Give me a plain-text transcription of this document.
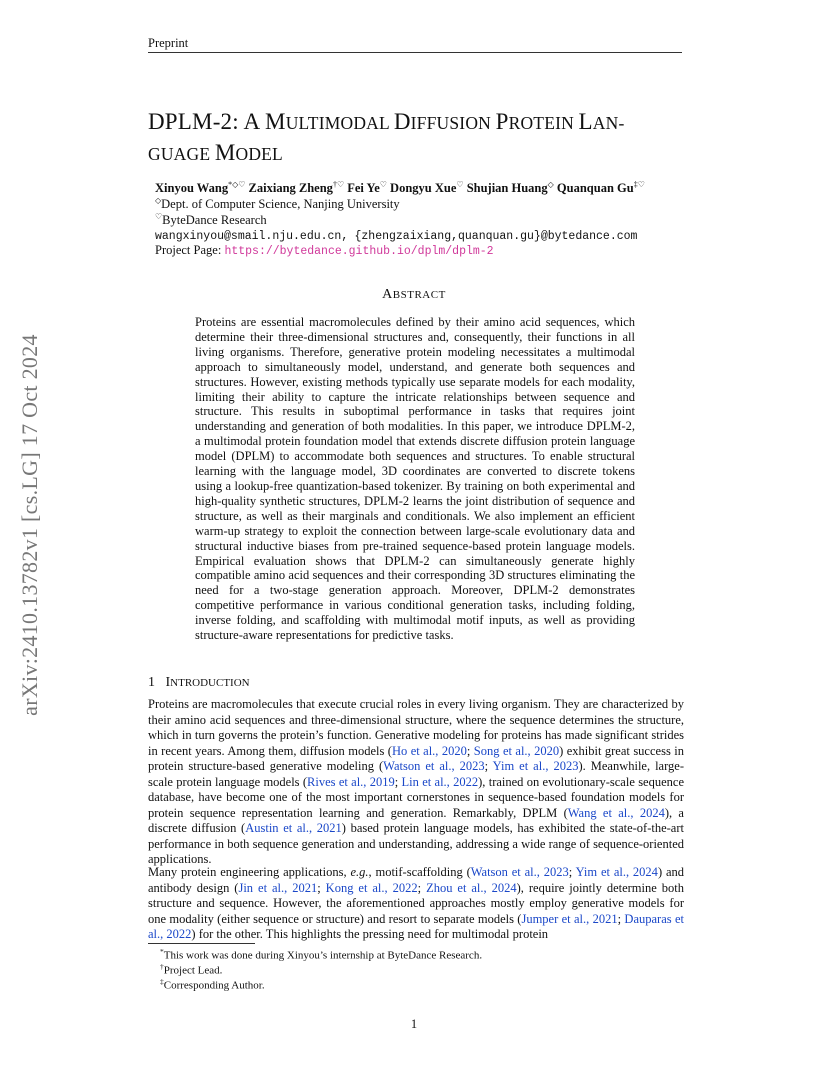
Preprint
arXiv:2410.13782v1 [cs.LG] 17 Oct 2024
DPLM-2: A MULTIMODAL DIFFUSION PROTEIN LAN-
GUAGE MODEL
Xinyou Wang*◇♡ Zaixiang Zheng†♡ Fei Ye♡ Dongyu Xue♡ Shujian Huang◇ Quanquan Gu‡♡
◇Dept. of Computer Science, Nanjing University
♡ByteDance Research
wangxinyou@smail.nju.edu.cn, {zhengzaixiang,quanquan.gu}@bytedance.com
Project Page: https://bytedance.github.io/dplm/dplm-2
ABSTRACT
Proteins are essential macromolecules defined by their amino acid sequences, which determine their three-dimensional structures and, consequently, their functions in all living organisms. Therefore, generative protein modeling necessitates a multimodal approach to simultaneously model, understand, and generate both sequences and structures. However, existing methods typically use separate models for each modality, limiting their ability to capture the intricate relationships between sequence and structure. This results in suboptimal performance in tasks that requires joint understanding and generation of both modalities. In this paper, we introduce DPLM-2, a multimodal protein foundation model that extends discrete diffusion protein language model (DPLM) to accommodate both sequences and structures. To enable structural learning with the language model, 3D coordinates are converted to discrete tokens using a lookup-free quantization-based tokenizer. By training on both experimental and high-quality synthetic structures, DPLM-2 learns the joint distribution of sequence and structure, as well as their marginals and conditionals. We also implement an efficient warm-up strategy to exploit the connection between large-scale evolutionary data and structural inductive biases from pre-trained sequence-based protein language models. Empirical evaluation shows that DPLM-2 can simultaneously generate highly compatible amino acid sequences and their corresponding 3D structures eliminating the need for a two-stage generation approach. Moreover, DPLM-2 demonstrates competitive performance in various conditional generation tasks, including folding, inverse folding, and scaffolding with multimodal motif inputs, as well as providing structure-aware representations for predictive tasks.
1 INTRODUCTION
Proteins are macromolecules that execute crucial roles in every living organism. They are characterized by their amino acid sequences and three-dimensional structure, where the sequence determines the structure, which in turn governs the protein’s function. Generative modeling for proteins has made significant strides in recent years. Among them, diffusion models (Ho et al., 2020; Song et al., 2020) exhibit great success in protein structure-based generative modeling (Watson et al., 2023; Yim et al., 2023). Meanwhile, large-scale protein language models (Rives et al., 2019; Lin et al., 2022), trained on evolutionary-scale sequence database, have become one of the most important cornerstones in sequence-based foundation models for protein sequence representation learning and generation. Remarkably, DPLM (Wang et al., 2024), a discrete diffusion (Austin et al., 2021) based protein language models, has exhibited the state-of-the-art performance in both sequence generation and understanding, addressing a wide range of sequence-oriented applications.
Many protein engineering applications, e.g., motif-scaffolding (Watson et al., 2023; Yim et al., 2024) and antibody design (Jin et al., 2021; Kong et al., 2022; Zhou et al., 2024), require jointly determine both structure and sequence. However, the aforementioned approaches mostly employ generative models for one modality (either sequence or structure) and resort to separate models (Jumper et al., 2021; Dauparas et al., 2022) for the other. This highlights the pressing need for multimodal protein
*This work was done during Xinyou’s internship at ByteDance Research.
†Project Lead.
‡Corresponding Author.
1
